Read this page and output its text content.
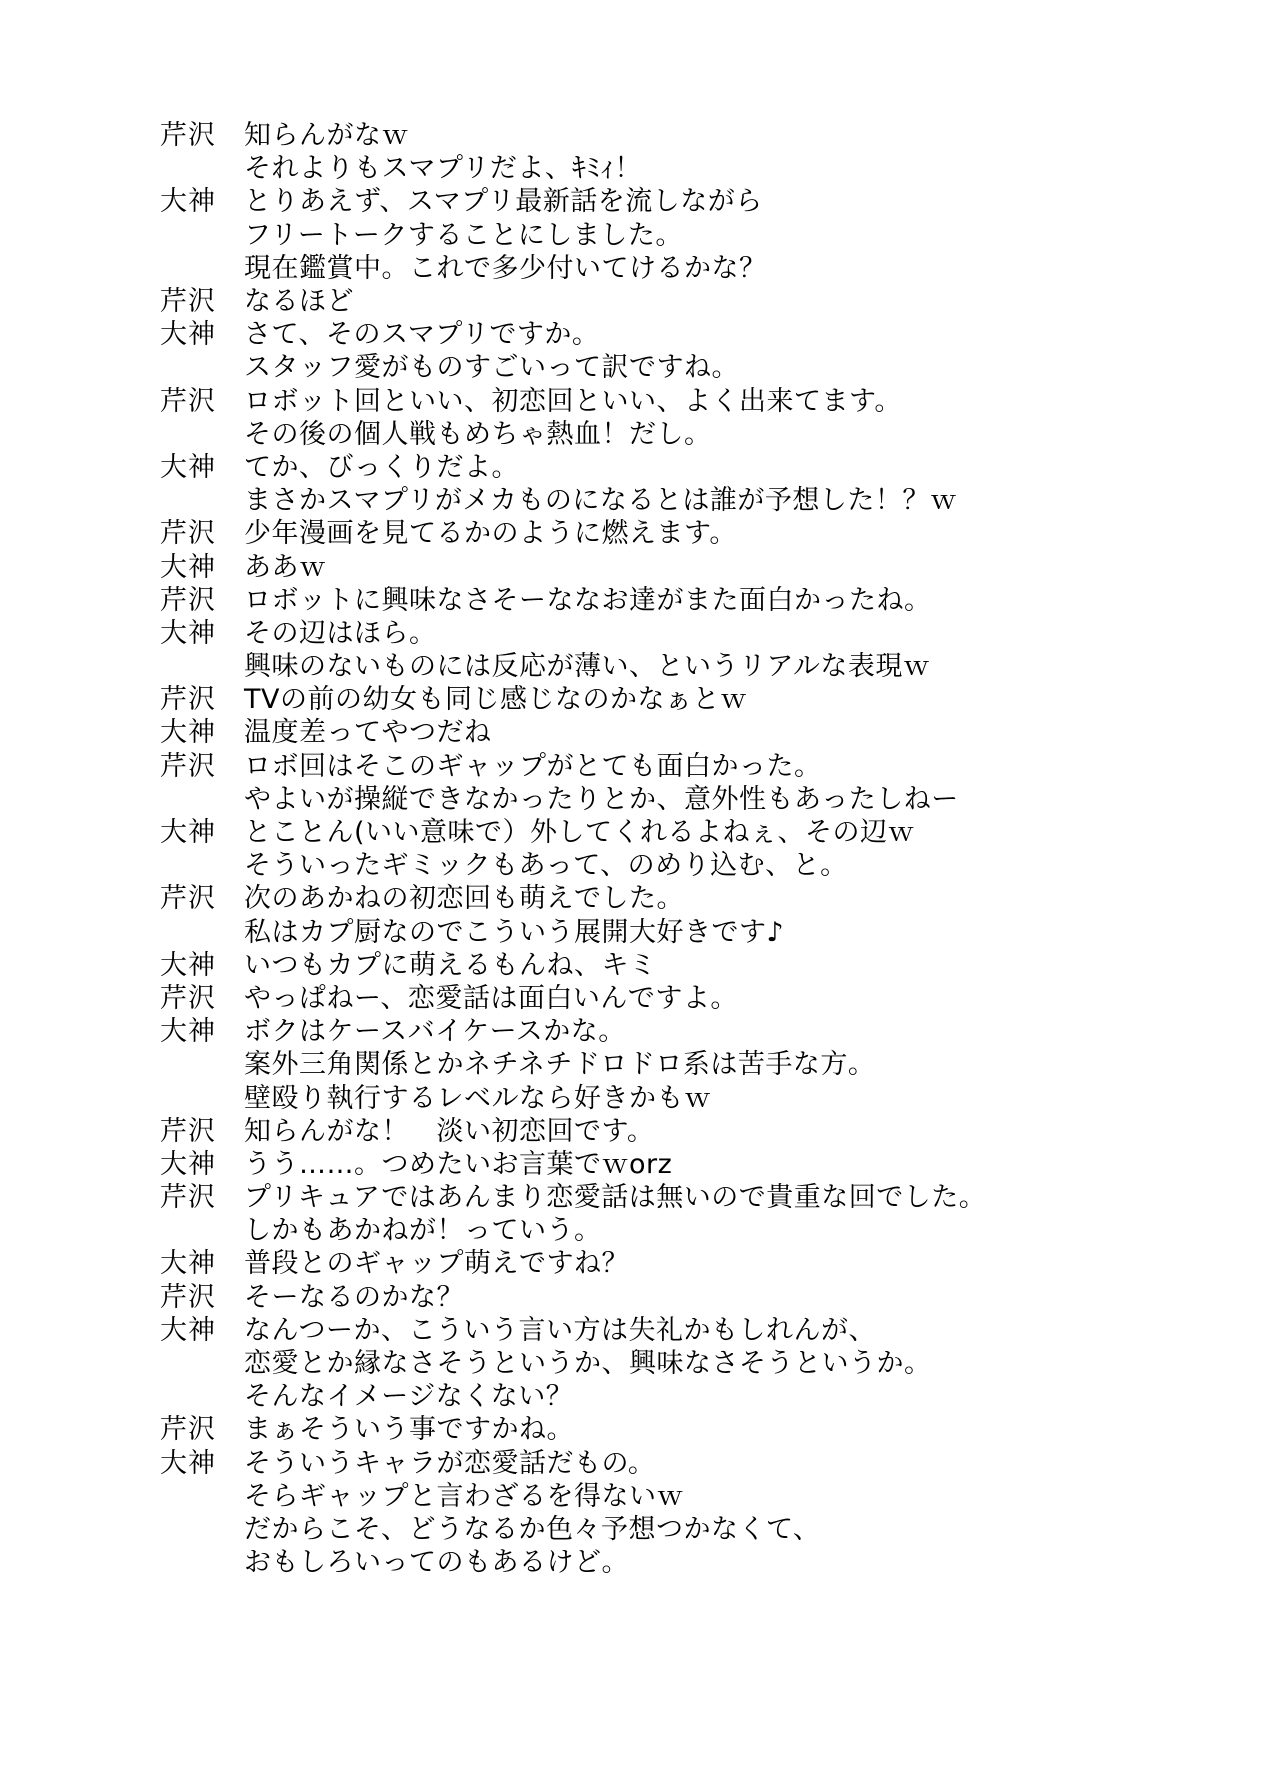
芹沢	知らんがなｗ
それよりもスマプリだよ、ｷﾐｨ！
大神	とりあえず、スマプリ最新話を流しながら
フリートークすることにしました。
現在鑑賞中。これで多少付いてけるかな？
芹沢	なるほど
大神	さて、そのスマプリですか。
スタッフ愛がものすごいって訳ですね。
芹沢	ロボット回といい、初恋回といい、よく出来てます。
その後の個人戦もめちゃ熱血！だし。
大神	てか、びっくりだよ。
まさかスマプリがメカものになるとは誰が予想した！？ｗ
芹沢	少年漫画を見てるかのように燃えます。
大神	ああｗ
芹沢	ロボットに興味なさそーななお達がまた面白かったね。
大神	その辺はほら。
興味のないものには反応が薄い、というリアルな表現ｗ
芹沢	TVの前の幼女も同じ感じなのかなぁとｗ
大神	温度差ってやつだね
芹沢	ロボ回はそこのギャップがとても面白かった。
やよいが操縦できなかったりとか、意外性もあったしねー
大神	とことん(いい意味で）外してくれるよねぇ、その辺ｗ
そういったギミックもあって、のめり込む、と。
芹沢	次のあかねの初恋回も萌えでした。
私はカプ厨なのでこういう展開大好きです♪
大神	いつもカプに萌えるもんね、キミ
芹沢	やっぱねー、恋愛話は面白いんですよ。
大神	ボクはケースバイケースかな。
案外三角関係とかネチネチドロドロ系は苦手な方。
壁殴り執行するレベルなら好きかもｗ
芹沢	知らんがな！　淡い初恋回です。
大神	うう……。つめたいお言葉でｗorz
芹沢	プリキュアではあんまり恋愛話は無いので貴重な回でした。
しかもあかねが！っていう。
大神	普段とのギャップ萌えですね？
芹沢	そーなるのかな？
大神	なんつーか、こういう言い方は失礼かもしれんが、
恋愛とか縁なさそうというか、興味なさそうというか。
そんなイメージなくない？
芹沢	まぁそういう事ですかね。
大神	そういうキャラが恋愛話だもの。
そらギャップと言わざるを得ないｗ
だからこそ、どうなるか色々予想つかなくて、
おもしろいってのもあるけど。
